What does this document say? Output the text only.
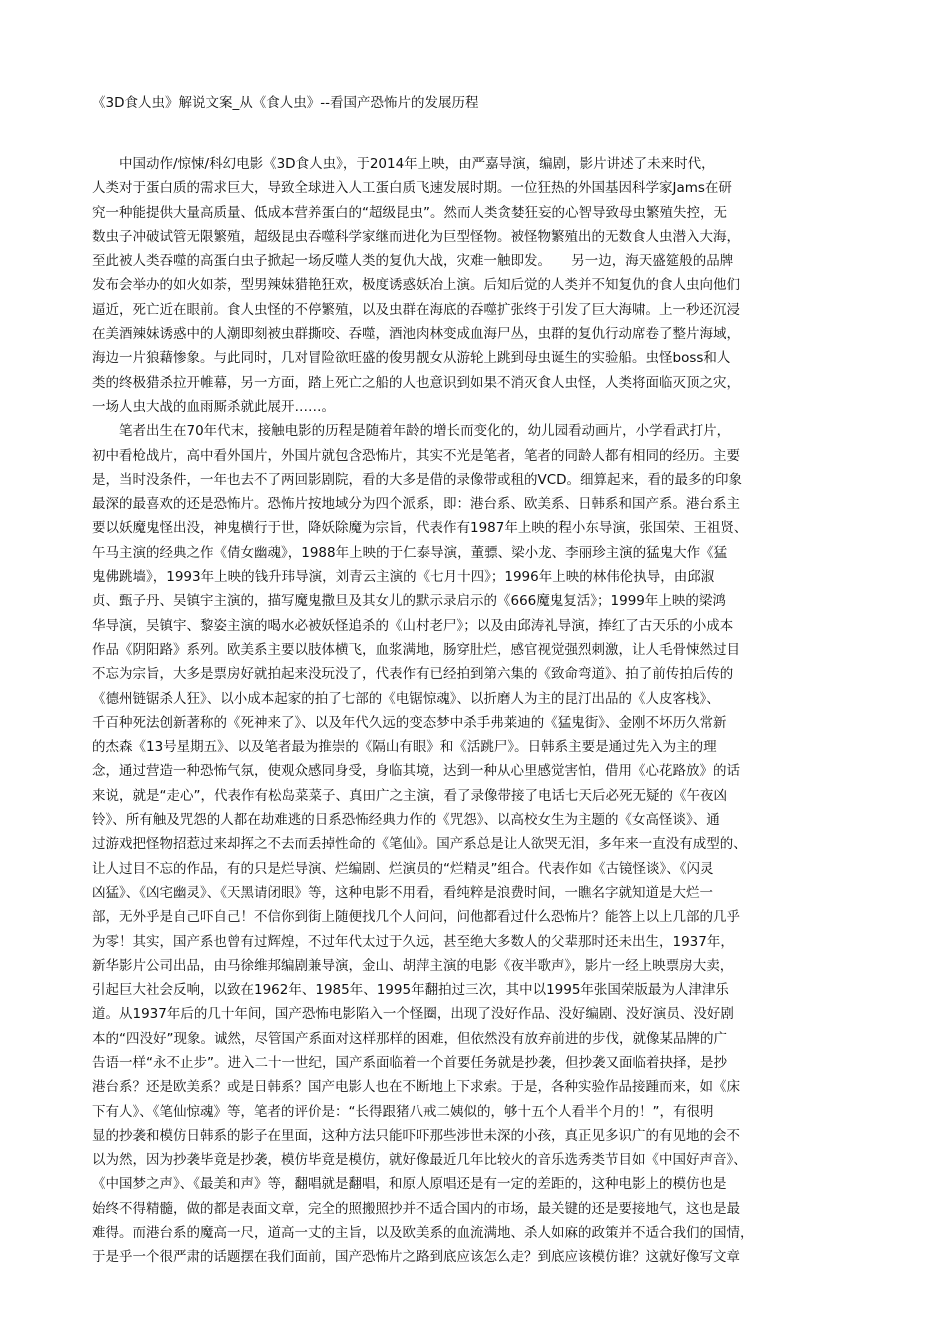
《3D食人虫》解说文案_从《食人虫》--看国产恐怖片的发展历程
　　中国动作/惊悚/科幻电影《3D食人虫》，于2014年上映，由严嘉导演，编剧，影片讲述了未来时代，
人类对于蛋白质的需求巨大，导致全球进入人工蛋白质飞速发展时期。一位狂热的外国基因科学家Jams在研
究一种能提供大量高质量、低成本营养蛋白的“超级昆虫”。然而人类贪婪狂妄的心智导致母虫繁殖失控，无
数虫子冲破试管无限繁殖，超级昆虫吞噬科学家继而进化为巨型怪物。被怪物繁殖出的无数食人虫潜入大海，
至此被人类吞噬的高蛋白虫子掀起一场反噬人类的复仇大战，灾难一触即发。　　另一边，海天盛筵般的品牌
发布会举办的如火如荼，型男辣妹猎艳狂欢，极度诱惑妖冶上演。后知后觉的人类并不知复仇的食人虫向他们
逼近，死亡近在眼前。食人虫怪的不停繁殖，以及虫群在海底的吞噬扩张终于引发了巨大海啸。上一秒还沉浸
在美酒辣妹诱惑中的人潮即刻被虫群撕咬、吞噬，酒池肉林变成血海尸丛，虫群的复仇行动席卷了整片海域，
海边一片狼藉惨象。与此同时，几对冒险欲旺盛的俊男靓女从游轮上跳到母虫诞生的实验船。虫怪boss和人
类的终极猎杀拉开帷幕，另一方面，踏上死亡之船的人也意识到如果不消灭食人虫怪，人类将面临灭顶之灾，
一场人虫大战的血雨厮杀就此展开……。
　　笔者出生在70年代末，接触电影的历程是随着年龄的增长而变化的，幼儿园看动画片，小学看武打片，
初中看枪战片，高中看外国片，外国片就包含恐怖片，其实不光是笔者，笔者的同龄人都有相同的经历。主要
是，当时没条件，一年也去不了两回影剧院，看的大多是借的录像带或租的VCD。细算起来，看的最多的印象
最深的最喜欢的还是恐怖片。恐怖片按地域分为四个派系，即：港台系、欧美系、日韩系和国产系。港台系主
要以妖魔鬼怪出没，神鬼横行于世，降妖除魔为宗旨，代表作有1987年上映的程小东导演，张国荣、王祖贤、
午马主演的经典之作《倩女幽魂》，1988年上映的于仁泰导演，董骠、梁小龙、李丽珍主演的猛鬼大作《猛
鬼佛跳墙》，1993年上映的钱升玮导演，刘青云主演的《七月十四》；1996年上映的林伟伦执导，由邱淑
贞、甄子丹、吴镇宇主演的，描写魔鬼撒旦及其女儿的默示录启示的《666魔鬼复活》；1999年上映的梁鸿
华导演，吴镇宇、黎姿主演的喝水必被妖怪追杀的《山村老尸》；以及由邱涛礼导演，捧红了古天乐的小成本
作品《阴阳路》系列。欧美系主要以肢体横飞，血浆满地，肠穿肚烂，感官视觉强烈刺激，让人毛骨悚然过目
不忘为宗旨，大多是票房好就拍起来没玩没了，代表作有已经拍到第六集的《致命弯道》、拍了前传拍后传的
《德州链锯杀人狂》、以小成本起家的拍了七部的《电锯惊魂》、以折磨人为主的昆汀出品的《人皮客栈》、
千百种死法创新著称的《死神来了》、以及年代久远的变态梦中杀手弗莱迪的《猛鬼街》、金刚不坏历久常新
的杰森《13号星期五》、以及笔者最为推崇的《隔山有眼》和《活跳尸》。日韩系主要是通过先入为主的理
念，通过营造一种恐怖气氛，使观众感同身受，身临其境，达到一种从心里感觉害怕，借用《心花路放》的话
来说，就是“走心”，代表作有松岛菜菜子、真田广之主演，看了录像带接了电话七天后必死无疑的《午夜凶
铃》、所有触及咒怨的人都在劫难逃的日系恐怖经典力作的《咒怨》、以高校女生为主题的《女高怪谈》、通
过游戏把怪物招惹过来却挥之不去而丢掉性命的《笔仙》。国产系总是让人欲哭无泪，多年来一直没有成型的、
让人过目不忘的作品，有的只是烂导演、烂编剧、烂演员的“烂精灵”组合。代表作如《古镜怪谈》、《闪灵
凶猛》、《凶宅幽灵》、《天黑请闭眼》等，这种电影不用看，看纯粹是浪费时间，一瞧名字就知道是大烂一
部，无外乎是自己吓自己！不信你到街上随便找几个人问问，问他都看过什么恐怖片？能答上以上几部的几乎
为零！其实，国产系也曾有过辉煌，不过年代太过于久远，甚至绝大多数人的父辈那时还未出生，1937年，
新华影片公司出品，由马徐维邦编剧兼导演，金山、胡萍主演的电影《夜半歌声》，影片一经上映票房大卖，
引起巨大社会反响，以致在1962年、1985年、1995年翻拍过三次，其中以1995年张国荣版最为人津津乐
道。从1937年后的几十年间，国产恐怖电影陷入一个怪圈，出现了没好作品、没好编剧、没好演员、没好剧
本的“四没好”现象。诚然，尽管国产系面对这样那样的困难，但依然没有放弃前进的步伐，就像某品牌的广
告语一样“永不止步”。进入二十一世纪，国产系面临着一个首要任务就是抄袭，但抄袭又面临着抉择，是抄
港台系？还是欧美系？或是日韩系？国产电影人也在不断地上下求索。于是，各种实验作品接踵而来，如《床
下有人》、《笔仙惊魂》等，笔者的评价是：“长得跟猪八戒二姨似的，够十五个人看半个月的！”，有很明
显的抄袭和模仿日韩系的影子在里面，这种方法只能吓吓那些涉世未深的小孩，真正见多识广的有见地的会不
以为然，因为抄袭毕竟是抄袭，模仿毕竟是模仿，就好像最近几年比较火的音乐选秀类节目如《中国好声音》、
《中国梦之声》、《最美和声》等，翻唱就是翻唱，和原人原唱还是有一定的差距的，这种电影上的模仿也是
始终不得精髓，做的都是表面文章，完全的照搬照抄并不适合国内的市场，最关键的还是要接地气，这也是最
难得。而港台系的魔高一尺，道高一丈的主旨，以及欧美系的血流满地、杀人如麻的政策并不适合我们的国情，
于是乎一个很严肃的话题摆在我们面前，国产恐怖片之路到底应该怎么走？到底应该模仿谁？这就好像写文章
